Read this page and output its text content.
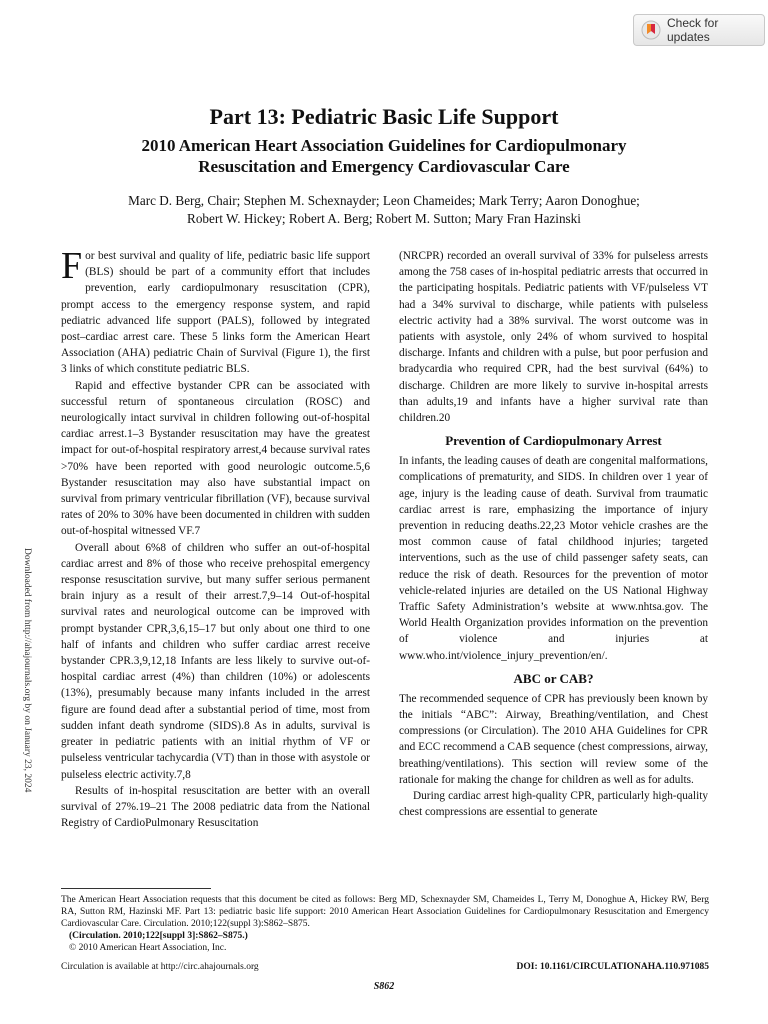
Check for updates
Part 13: Pediatric Basic Life Support
2010 American Heart Association Guidelines for Cardiopulmonary
Resuscitation and Emergency Cardiovascular Care
Marc D. Berg, Chair; Stephen M. Schexnayder; Leon Chameides; Mark Terry; Aaron Donoghue;
Robert W. Hickey; Robert A. Berg; Robert M. Sutton; Mary Fran Hazinski
Downloaded from http://ahajournals.org by on January 23, 2024

For best survival and quality of life, pediatric basic life support (BLS) should be part of a community effort that includes prevention, early cardiopulmonary resuscitation (CPR), prompt access to the emergency response system, and rapid pediatric advanced life support (PALS), followed by integrated post–cardiac arrest care. These 5 links form the American Heart Association (AHA) pediatric Chain of Survival (Figure 1), the first 3 links of which constitute pediatric BLS.

Rapid and effective bystander CPR can be associated with successful return of spontaneous circulation (ROSC) and neurologically intact survival in children following out-of-hospital cardiac arrest.1–3 Bystander resuscitation may have the greatest impact for out-of-hospital respiratory arrest,4 because survival rates >70% have been reported with good neurologic outcome.5,6 Bystander resuscitation may also have substantial impact on survival from primary ventricular fibrillation (VF), because survival rates of 20% to 30% have been documented in children with sudden out-of-hospital witnessed VF.7

Overall about 6%8 of children who suffer an out-of-hospital cardiac arrest and 8% of those who receive prehospital emergency response resuscitation survive, but many suffer serious permanent brain injury as a result of their arrest.7,9–14 Out-of-hospital survival rates and neurological outcome can be improved with prompt bystander CPR,3,6,15–17 but only about one third to one half of infants and children who suffer cardiac arrest receive bystander CPR.3,9,12,18 Infants are less likely to survive out-of-hospital cardiac arrest (4%) than children (10%) or adolescents (13%), presumably because many infants included in the arrest figure are found dead after a substantial period of time, most from sudden infant death syndrome (SIDS).8 As in adults, survival is greater in pediatric patients with an initial rhythm of VF or pulseless ventricular tachycardia (VT) than in those with asystole or pulseless electric activity.7,8

Results of in-hospital resuscitation are better with an overall survival of 27%.19–21 The 2008 pediatric data from the National Registry of CardioPulmonary Resuscitation

(NRCPR) recorded an overall survival of 33% for pulseless arrests among the 758 cases of in-hospital pediatric arrests that occurred in the participating hospitals. Pediatric patients with VF/pulseless VT had a 34% survival to discharge, while patients with pulseless electric activity had a 38% survival. The worst outcome was in patients with asystole, only 24% of whom survived to hospital discharge. Infants and children with a pulse, but poor perfusion and bradycardia who required CPR, had the best survival (64%) to discharge. Children are more likely to survive in-hospital arrests than adults,19 and infants have a higher survival rate than children.20

Prevention of Cardiopulmonary Arrest

In infants, the leading causes of death are congenital malformations, complications of prematurity, and SIDS. In children over 1 year of age, injury is the leading cause of death. Survival from traumatic cardiac arrest is rare, emphasizing the importance of injury prevention in reducing deaths.22,23 Motor vehicle crashes are the most common cause of fatal childhood injuries; targeted interventions, such as the use of child passenger safety seats, can reduce the risk of death. Resources for the prevention of motor vehicle-related injuries are detailed on the US National Highway Traffic Safety Administration’s website at www.nhtsa.gov. The World Health Organization provides information on the prevention of violence and injuries at www.who.int/violence_injury_prevention/en/.

ABC or CAB?

The recommended sequence of CPR has previously been known by the initials “ABC”: Airway, Breathing/ventilation, and Chest compressions (or Circulation). The 2010 AHA Guidelines for CPR and ECC recommend a CAB sequence (chest compressions, airway, breathing/ventilations). This section will review some of the rationale for making the change for children as well as for adults.

During cardiac arrest high-quality CPR, particularly high-quality chest compressions are essential to generate

The American Heart Association requests that this document be cited as follows: Berg MD, Schexnayder SM, Chameides L, Terry M, Donoghue A, Hickey RW, Berg RA, Sutton RM, Hazinski MF. Part 13: pediatric basic life support: 2010 American Heart Association Guidelines for Cardiopulmonary Resuscitation and Emergency Cardiovascular Care. Circulation. 2010;122(suppl 3):S862–S875.
(Circulation. 2010;122[suppl 3]:S862–S875.)
© 2010 American Heart Association, Inc.
Circulation is available at http://circ.ahajournals.org	DOI: 10.1161/CIRCULATIONAHA.110.971085
S862
